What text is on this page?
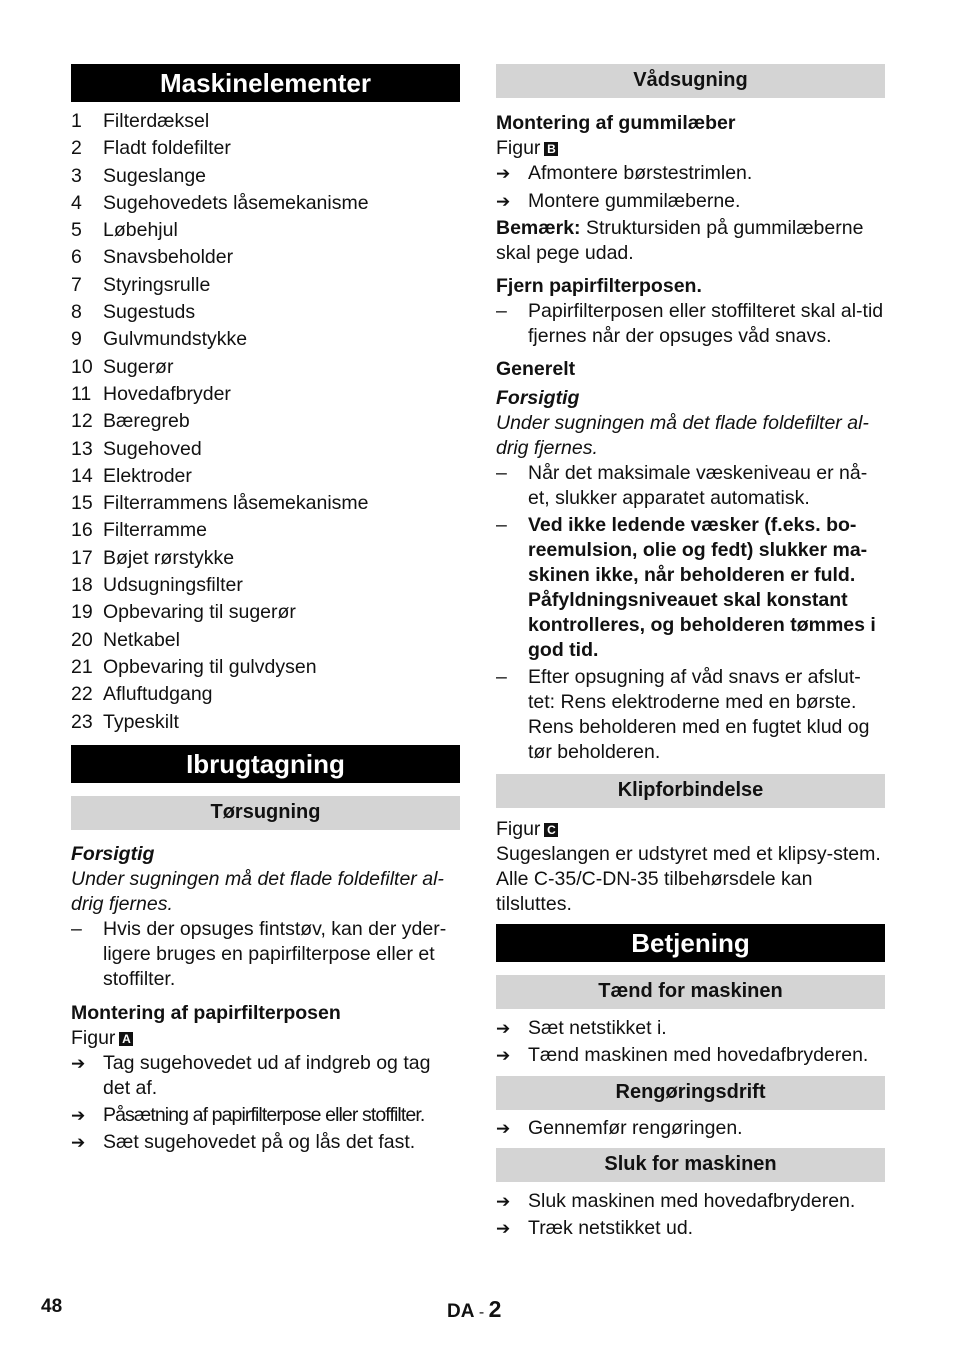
Maskinelementer
1	Filterdæksel
2	Fladt foldefilter
3	Sugeslange
4	Sugehovedets låsemekanisme
5	Løbehjul
6	Snavsbeholder
7	Styringsrulle
8	Sugestuds
9	Gulvmundstykke
10 Sugerør
11 Hovedafbryder
12 Bæregreb
13 Sugehoved
14 Elektroder
15 Filterrammens låsemekanisme
16 Filterramme
17 Bøjet rørstykke
18 Udsugningsfilter
19 Opbevaring til sugerør
20 Netkabel
21 Opbevaring til gulvdysen
22 Afluftudgang
23 Typeskilt
Ibrugtagning
Tørsugning
Forsigtig
Under sugningen må det flade foldefilter al-drig fjernes.
–	Hvis der opsuges fintstøv, kan der yder-ligere bruges en papirfilterpose eller et stoffilter.
Montering af papirfilterposen
Figur A
➔ Tag sugehovedet ud af indgreb og tag det af.
➔ Påsætning af papirfilterpose eller stoffilter.
➔ Sæt sugehovedet på og lås det fast.
Vådsugning
Montering af gummilæber
Figur B
➔ Afmontere børstestrimlen.
➔ Montere gummilæberne.
Bemærk: Struktursiden på gummilæberne skal pege udad.
Fjern papirfilterposen.
–	Papirfilterposen eller stoffilteret skal al-tid fjernes når der opsuges våd snavs.
Generelt
Forsigtig
Under sugningen må det flade foldefilter al-drig fjernes.
–	Når det maksimale væskeniveau er nå-et, slukker apparatet automatisk.
–	Ved ikke ledende væsker (f.eks. bo-reemulsion, olie og fedt) slukker ma-skinen ikke, når beholderen er fuld. Påfyldningsniveauet skal konstant kontrolleres, og beholderen tømmes i god tid.
–	Efter opsugning af våd snavs er afslut-tet: Rens elektroderne med en børste. Rens beholderen med en fugtet klud og tør beholderen.
Klipforbindelse
Figur C
Sugeslangen er udstyret med et klipsy-stem. Alle C-35/C-DN-35 tilbehørsdele kan tilsluttes.
Betjening
Tænd for maskinen
➔ Sæt netstikket i.
➔ Tænd maskinen med hovedafbryderen.
Rengøringsdrift
➔ Gennemfør rengøringen.
Sluk for maskinen
➔ Sluk maskinen med hovedafbryderen.
➔ Træk netstikket ud.
48	DA - 2
